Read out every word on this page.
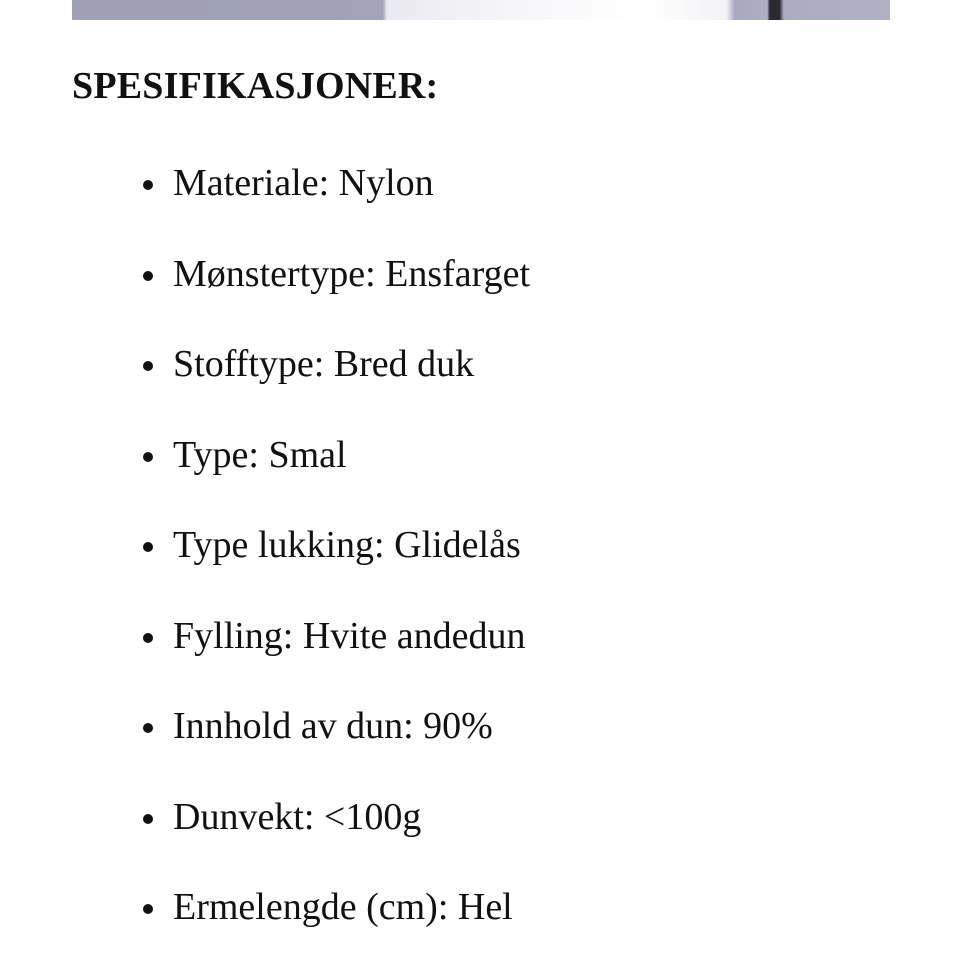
SPESIFIKASJONER:
Materiale: Nylon
Mønstertype: Ensfarget
Stofftype: Bred duk
Type: Smal
Type lukking: Glidelås
Fylling: Hvite andedun
Innhold av dun: 90%
Dunvekt: <100g
Ermelengde (cm): Hel
